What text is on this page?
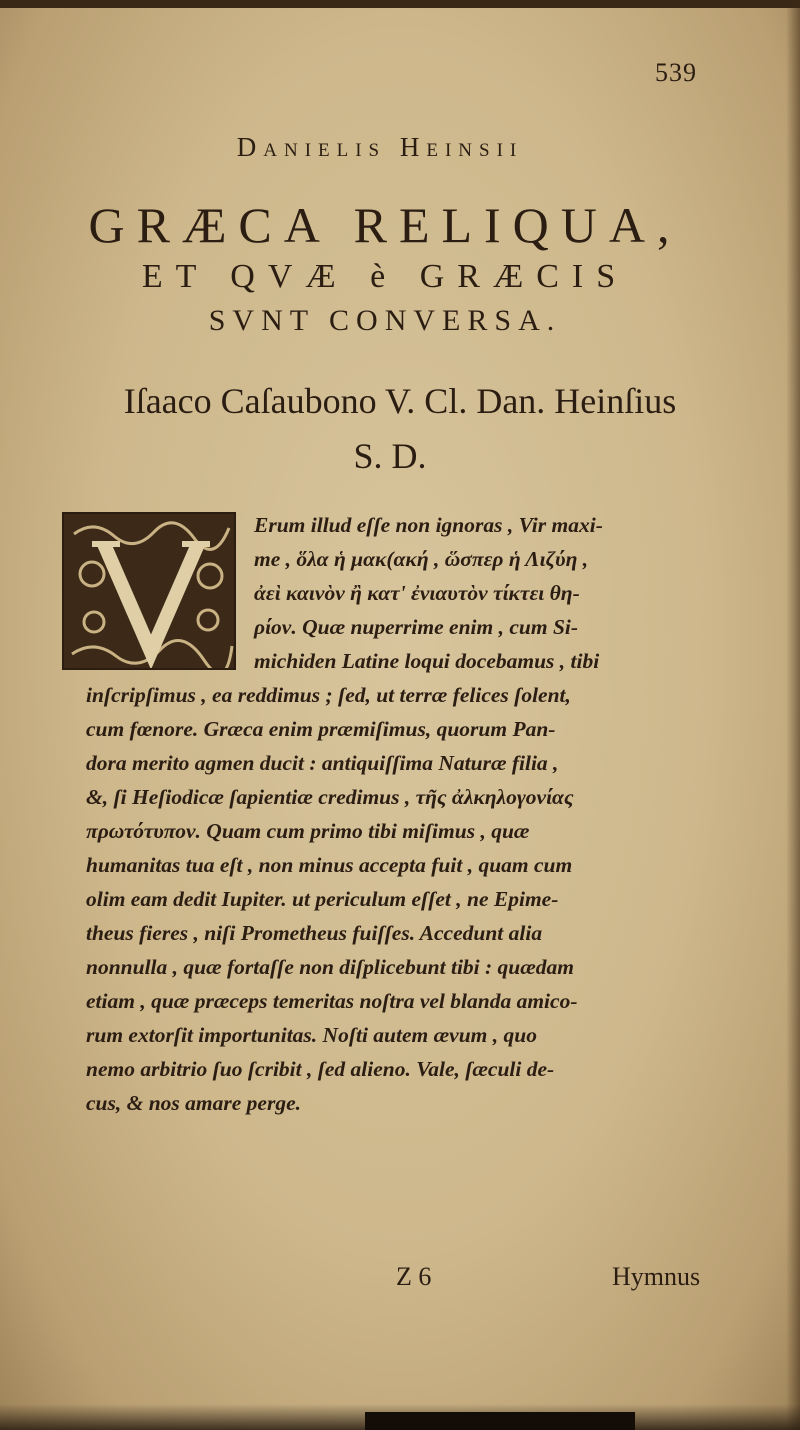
539
Danielis Heinsii
GRÆCA RELIQUA,
ET QVÆ è GRÆCIS
SVNT CONVERSA.
Iſaaco Caſaubono V. Cl. Dan. Heinſius
S. D.
Erum illud eſſe non ignoras , Vir maxi-
me , ὅλα ἡ μακ(ακή , ὥσπερ ἡ Λιζύη ,
ἀεὶ καινὸν ἢ κατ' ἐνιαυτὸν τίκτει θη-
ρίον. Quæ nuperrime enim , cum Si-
michiden Latine loqui docebamus , tibi
inſcripſimus , ea reddimus ; ſed, ut terræ felices ſolent,
cum fœnore. Græca enim præmiſimus, quorum Pan-
dora merito agmen ducit : antiquiſſima Naturæ filia ,
&, ſi Heſiodicæ ſapientiæ credimus , τῆς ἀλκηλογονίας
πρωτότυπον. Quam cum primo tibi miſimus , quæ
humanitas tua eſt , non minus accepta fuit , quam cum
olim eam dedit Iupiter. ut periculum eſſet , ne Epime-
theus fieres , niſi Prometheus fuiſſes. Accedunt alia
nonnulla , quæ fortaſſe non diſplicebunt tibi : quædam
etiam , quæ præceps temeritas noſtra vel blanda amico-
rum extorſit importunitas. Noſti autem ævum , quo
nemo arbitrio ſuo ſcribit , ſed alieno. Vale, ſæculi de-
cus, & nos amare perge.
Z 6	Hymnus
